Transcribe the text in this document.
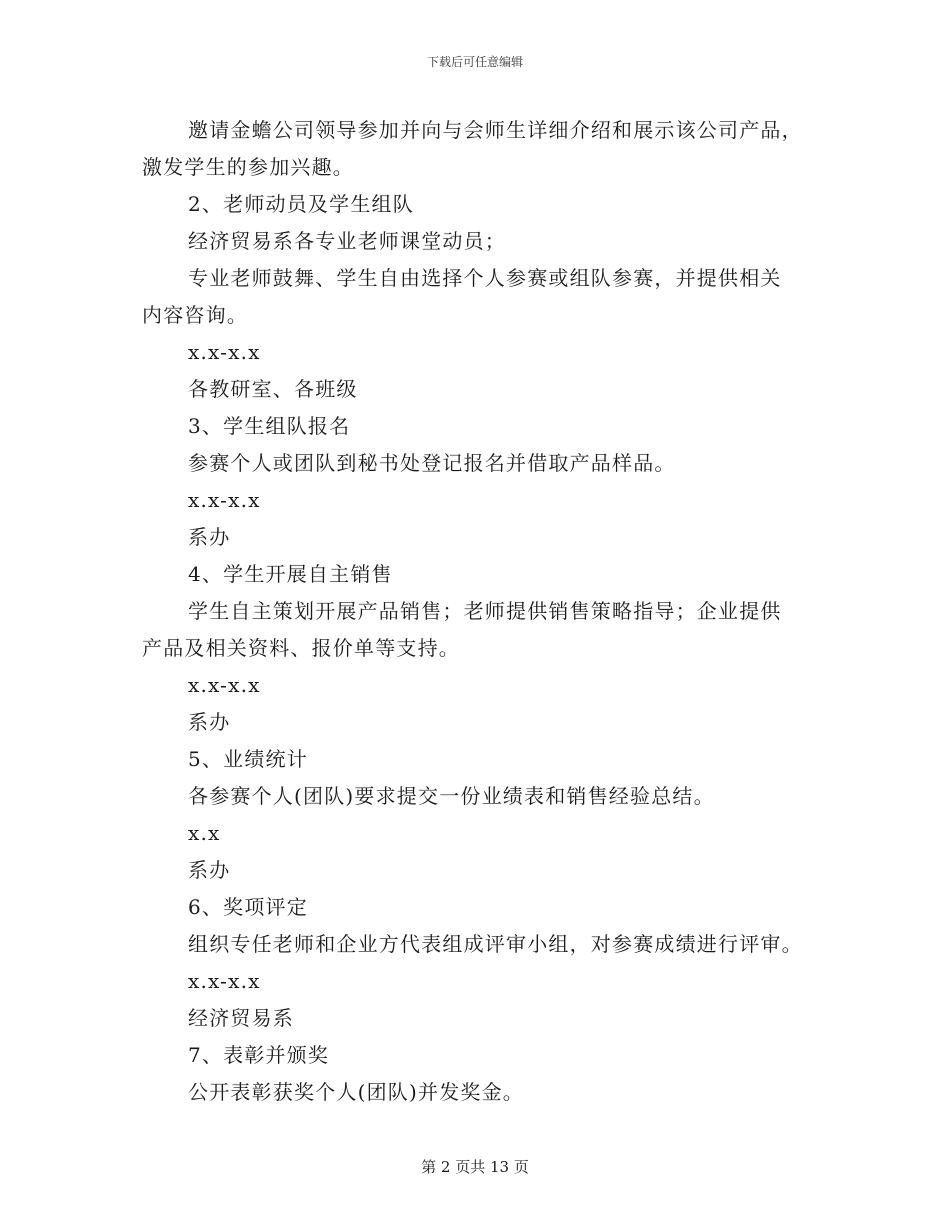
下载后可任意编辑
邀请金蟾公司领导参加并向与会师生详细介绍和展示该公司产品，
激发学生的参加兴趣。
2、老师动员及学生组队
经济贸易系各专业老师课堂动员；
专业老师鼓舞、学生自由选择个人参赛或组队参赛，并提供相关
内容咨询。
x.x-x.x
各教研室、各班级
3、学生组队报名
参赛个人或团队到秘书处登记报名并借取产品样品。
x.x-x.x
系办
4、学生开展自主销售
学生自主策划开展产品销售；老师提供销售策略指导；企业提供
产品及相关资料、报价单等支持。
x.x-x.x
系办
5、业绩统计
各参赛个人(团队)要求提交一份业绩表和销售经验总结。
x.x
系办
6、奖项评定
组织专任老师和企业方代表组成评审小组，对参赛成绩进行评审。
x.x-x.x
经济贸易系
7、表彰并颁奖
公开表彰获奖个人(团队)并发奖金。
第 2 页共 13 页
